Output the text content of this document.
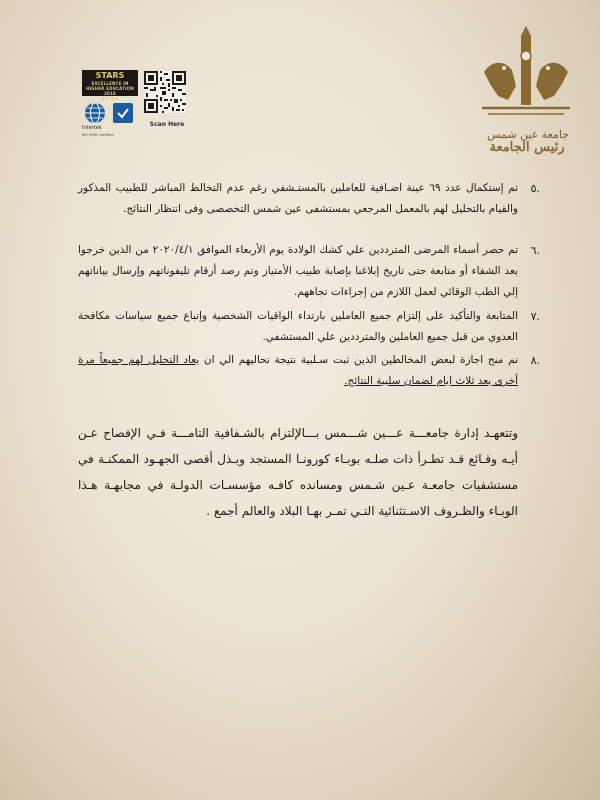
STARS
EXCELLENCE IN HIGHER EDUCATION
2018
★★★★
Scan Here
Intertek
ISO 9001 certified	جامعة عين شمس
رئيس الجامعة
.٥
تم إستكمال عدد ٦٩ عينة اضـافية للعاملين بالمستـشفي رغم عدم التخالط المباشر للطبيب المذكور والقيام بالتحليل لهم بالمعمل المرجعي بمستشفى عين شمس التخصصى وفى انتظار النتائج.
.٦
تم حصر أسماء المرضى المترددين علي كشك الولادة يوم الأربعاء الموافق ٢٠٢٠/٤/١ من الذين خرجوا بعد الشفاء أو متابعة حتى تاريخ إبلاغنا بإصابة طبيب الأمتياز وتم رصد أرقام تليفوناتهم وإرسال بياناتهم إلي الطب الوقائي لعمل اللازم من إجراءات تجاههم.
.٧
المتابعة والتأكيد على إلتزام جميع العاملين بارتداء الواقيات الشخصية وإتباع جميع سياسات مكافحة العدوي من قبل جميع العاملين والمترددين علي المستشفي.
.٨
تم منح اجازة لبعض المخالطين الذين ثبت سـلبية نتيجة تحاليهم الي ان يعاد التحليل لهم جميعاً مرة أخرى بعد ثلاث ايام لضمان سلبية النتائج.
وتتعهـد إدارة جامعـــة عـــين شـــمس بـــالإلتزام بالشـفافية التامـــة فـي الإفصاح عـن أيـه وقـائع قـد تطـرأ ذات صلـه بوبـاء كورونـا المستجد وبـذل أقصى الجهـود الممكنـة في مستشفيات جامعـة عـين شـمس ومسانده كافـه مؤسسـات الدولـة في مجابهـة هـذا الوبـاء والظـروف الاسـتثنائية التـي تمـر بهـا البلاد والعالم أجمع .
